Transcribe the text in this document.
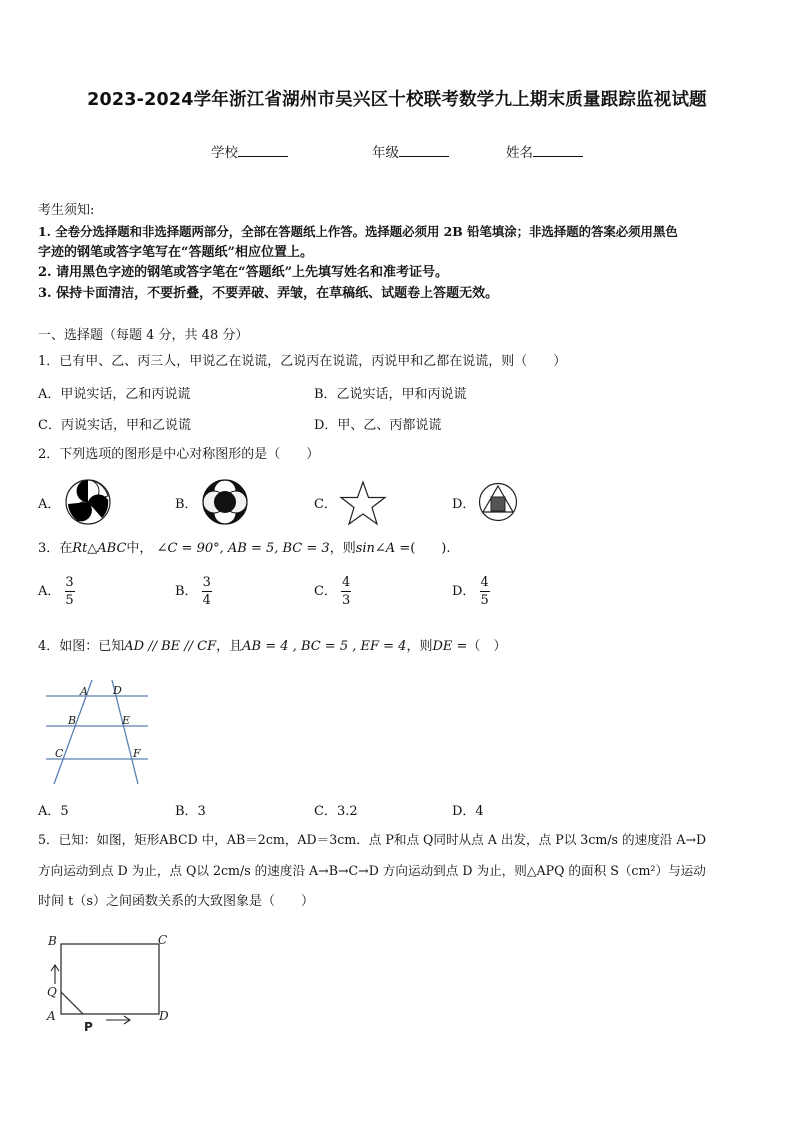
2023-2024学年浙江省湖州市吴兴区十校联考数学九上期末质量跟踪监视试题
学校	年级	姓名
考生须知:
1. 全卷分选择题和非选择题两部分，全部在答题纸上作答。选择题必须用 2B 铅笔填涂；非选择题的答案必须用黑色
字迹的钢笔或答字笔写在“答题纸”相应位置上。
2. 请用黑色字迹的钢笔或答字笔在“答题纸”上先填写姓名和准考证号。
3. 保持卡面清洁，不要折叠，不要弄破、弄皱，在草稿纸、试题卷上答题无效。
一、选择题（每题 4 分，共 48 分）
1．已有甲、乙、丙三人，甲说乙在说谎，乙说丙在说谎，丙说甲和乙都在说谎，则（　　）
A．甲说实话，乙和丙说谎	B．乙说实话，甲和丙说谎
C．丙说实话，甲和乙说谎	D．甲、乙、丙都说谎
2．下列选项的图形是中心对称图形的是（　　）
A．	B．	C．	D．
3．在Rt△ABC中， ∠C = 90°, AB = 5, BC = 3，则sin∠A =(　　).
A． $\frac{3}{5}$	B． $\frac{3}{4}$	C． $\frac{4}{3}$	D． $\frac{4}{5}$
4．如图：已知AD // BE // CF，且AB = 4 , BC = 5 , EF = 4，则DE =（　）
A D
B	E
C	F
A．5	B．3	C．3.2	D．4
5．已知：如图，矩形ABCD 中，AB＝2cm，AD＝3cm．点 P和点 Q同时从点 A 出发，点 P以 3cm/s 的速度沿 A→D
方向运动到点 D 为止，点 Q以 2cm/s 的速度沿 A→B→C→D 方向运动到点 D 为止，则△APQ 的面积 S（cm²）与运动
时间 t（s）之间函数关系的大致图象是（　　）
B	C
Q
A	D
P
